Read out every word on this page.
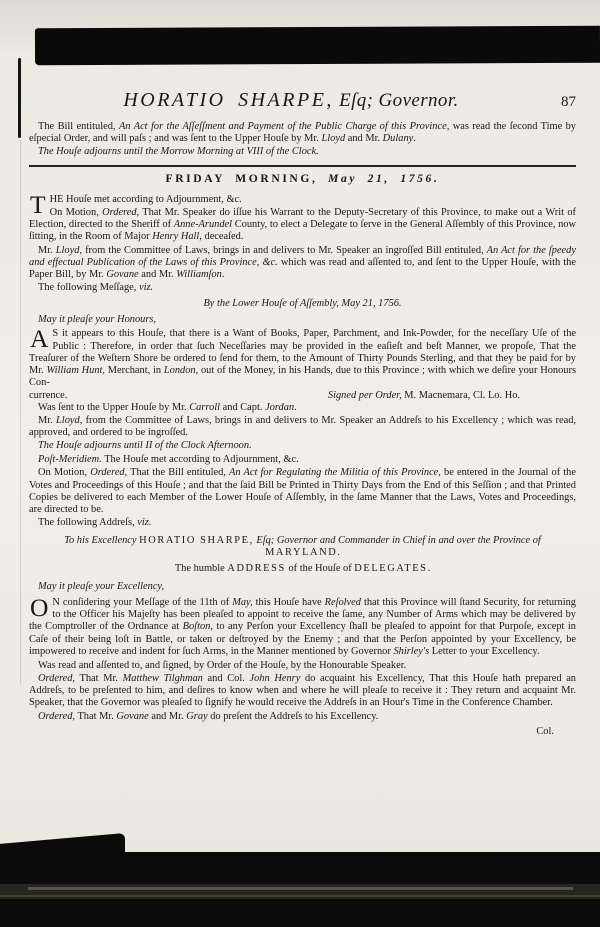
HORATIO SHARPE, Eſq; Governor.	87

The Bill entituled, An Act for the Aſſeſſment and Payment of the Public Charge of this Province, was read the ſecond Time by eſpecial Order, and will paſs ; and was ſent to the Upper Houſe by Mr. Lloyd and Mr. Dulany.

The Houſe adjourns until the Morrow Morning at VIII of the Clock.

FRIDAY MORNING, May 21, 1756.

THE Houſe met according to Adjournment, &c.
On Motion, Ordered, That Mr. Speaker do iſſue his Warrant to the Deputy-Secretary of this Province, to make out a Writ of Election, directed to the Sheriff of Anne-Arundel County, to elect a Delegate to ſerve in the General Aſſembly of this Province, now ſitting, in the Room of Major Henry Hall, deceaſed.

Mr. Lloyd, from the Committee of Laws, brings in and delivers to Mr. Speaker an ingroſſed Bill entituled, An Act for the ſpeedy and effectual Publication of the Laws of this Province, &c. which was read and aſſented to, and ſent to the Upper Houſe, with the Paper Bill, by Mr. Govane and Mr. Williamſon.

The following Meſſage, viz.

By the Lower Houſe of Aſſembly, May 21, 1756.

May it pleaſe your Honours,

A S it appears to this Houſe, that there is a Want of Books, Paper, Parchment, and Ink-Powder, for the neceſſary Uſe of the Public : Therefore, in order that ſuch Neceſſaries may be provided in the eaſieſt and beſt Manner, we propoſe, That the Treaſurer of the Weſtern Shore be ordered to ſend for them, to the Amount of Thirty Pounds Sterling, and that they be paid for by Mr. William Hunt, Merchant, in London, out of the Money, in his Hands, due to this Province ; with which we deſire your Honours Con-

currence.	Signed per Order, M. Macnemara, Cl. Lo. Ho.

Was ſent to the Upper Houſe by Mr. Carroll and Capt. Jordan.

Mr. Lloyd, from the Committee of Laws, brings in and delivers to Mr. Speaker an Addreſs to his Excellency ; which was read, approved, and ordered to be ingroſſed.

The Houſe adjourns until II of the Clock Afternoon.

Poſt-Meridiem. The Houſe met according to Adjournment, &c.

On Motion, Ordered, That the Bill entituled, An Act for Regulating the Militia of this Province, be entered in the Journal of the Votes and Proceedings of this Houſe ; and that the ſaid Bill be Printed in Thirty Days from the End of this Seſſion ; and that Printed Copies be delivered to each Member of the Lower Houſe of Aſſembly, in the ſame Manner that the Laws, Votes and Proceedings, are directed to be.

The following Addreſs, viz.

To his Excellency HORATIO SHARPE, Eſq; Governor and Commander in Chief in and over the Province of MARYLAND.

The humble ADDRESS of the Houſe of DELEGATES.

May it pleaſe your Excellency,

O N conſidering your Meſſage of the 11th of May, this Houſe have Reſolved that this Province will ſtand Security, for returning to the Officer his Majeſty has been pleaſed to appoint to receive the ſame, any Number of Arms which may be delivered by the Comptroller of the Ordnance at Boſton, to any Perſon your Excellency ſhall be pleaſed to appoint for that Purpoſe, except in Caſe of their being loſt in Battle, or taken or deſtroyed by the Enemy ; and that the Perſon appointed by your Excellency, be impowered to receive and indent for ſuch Arms, in the Manner mentioned by Governor Shirley's Letter to your Excellency.

Was read and aſſented to, and ſigned, by Order of the Houſe, by the Honourable Speaker.

Ordered, That Mr. Matthew Tilghman and Col. John Henry do acquaint his Excellency, That this Houſe hath prepared an Addreſs, to be preſented to him, and deſires to know when and where he will pleaſe to receive it : They return and acquaint Mr. Speaker, that the Governor was pleaſed to ſignify he would receive the Addreſs in an Hour's Time in the Conference Chamber.

Ordered, That Mr. Govane and Mr. Gray do preſent the Addreſs to his Excellency.

Col.
